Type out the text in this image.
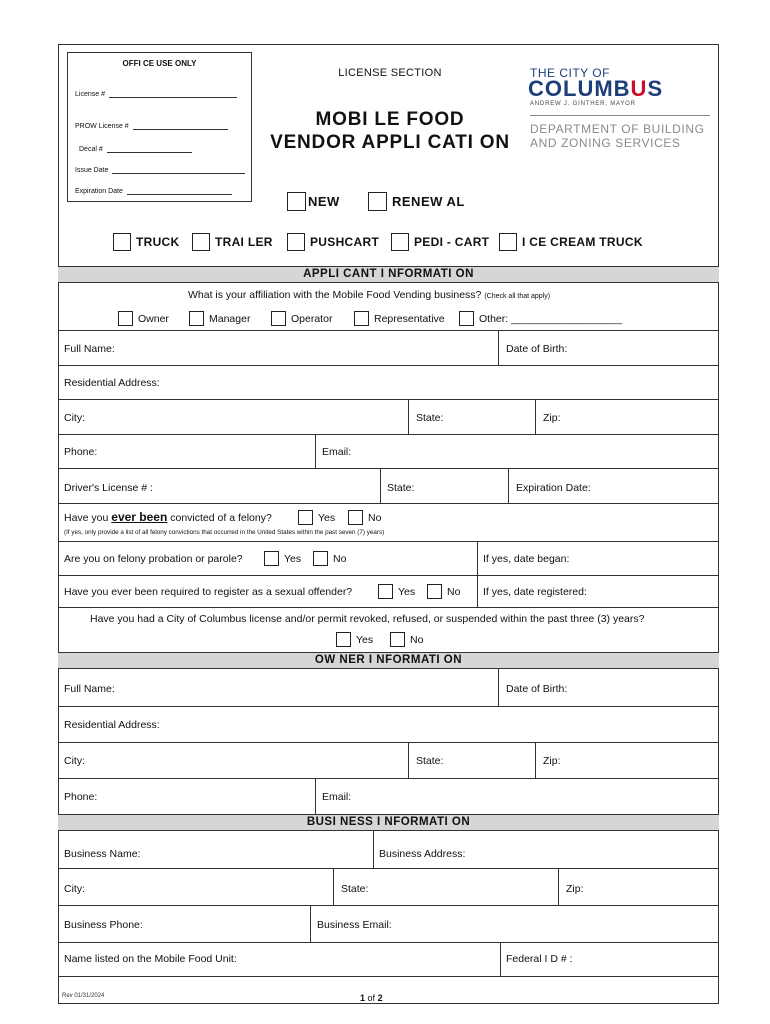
OFFI CE USE ONLY
License #
PROW License #
Decal #
Issue Date
Expiration Date
LICENSE SECTION
MOBI LE FOOD
VENDOR APPLI CATI ON
THE CITY OF
COLUMBUS
ANDREW J. GINTHER, MAYOR
DEPARTMENT OF BUILDING
AND ZONING SERVICES
NEW	RENEW AL
TRUCK	TRAI LER	PUSHCART	PEDI - CART	I CE CREAM TRUCK
APPLI CANT I NFORMATI ON
What is your affiliation with the Mobile Food Vending business? (Check all that apply)
Owner	Manager	Operator	Representative	Other: ___________________
Full Name:	Date of Birth:
Residential Address:
City:	State:	Zip:
Phone:	Email:
Driver's License # :	State:	Expiration Date:
Have you ever been convicted of a felony?	Yes	No
(If yes, only provide a list of all felony convictions that occurred in the United States within the past seven (7) years)
Are you on felony probation or parole?	Yes	No	If yes, date began:
Have you ever been required to register as a sexual offender?	Yes	No If yes, date registered:
Have you had a City of Columbus license and/or permit revoked, refused, or suspended within the past three (3) years?
Yes	No
OW NER I NFORMATI ON
Full Name:	Date of Birth:
Residential Address:
City:	State:	Zip:
Phone:	Email:
BUSI NESS I NFORMATI ON
Business Name:	Business Address:
City:	State:	Zip:
Business Phone:	Business Email:
Name listed on the Mobile Food Unit:	Federal I D # :
Rev 01/31/2024	1 of 2
